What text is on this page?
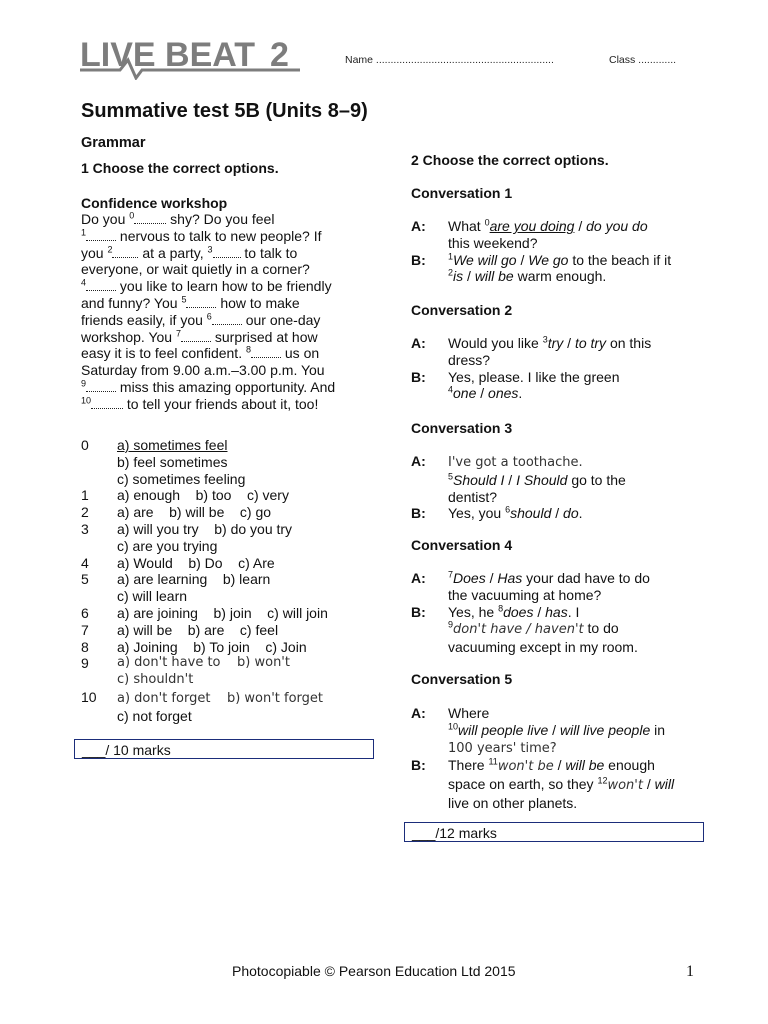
LIVE BEAT 2	Name .............................................................	Class .............
Summative test 5B (Units 8–9)
Grammar
1 Choose the correct options.
Confidence workshop
Do you $^0$ shy? Do you feel
$^1$ nervous to talk to new people? If
you $^2$ at a party, $^3$ to talk to
everyone, or wait quietly in a corner?
$^4$ you like to learn how to be friendly
and funny? You $^5$ how to make
friends easily, if you $^6$ our one-day
workshop. You $^7$ surprised at how
easy it is to feel confident. $^8$ us on
Saturday from 9.00 a.m.–3.00 p.m. You
$^9$ miss this amazing opportunity. And
$^{10}$ to tell your friends about it, too!
0	a) sometimes feel
b) feel sometimes
c) sometimes feeling
1	a) enough    b) too    c) very
2	a) are    b) will be    c) go
3	a) will you try    b) do you try
c) are you trying
4	a) Would    b) Do    c) Are
5	a) are learning    b) learn
c) will learn
6	a) are joining    b) join    c) will join
7	a) will be    b) are    c) feel
8	a) Joining    b) To join    c) Join
9	a) don't have to    b) won't
c) shouldn't
10	a) don't forget    b) won't forget
c) not forget
___/ 10 marks
2 Choose the correct options.
Conversation 1
A:	What $^0$are you doing / do you do
this weekend?
B:	$^1$We will go / We go to the beach if it
$^2$is / will be warm enough.
Conversation 2
A:	Would you like $^3$try / to try on this
dress?
B:	Yes, please. I like the green
$^4$one / ones.
Conversation 3
A:	I've got a toothache.
$^5$Should I / I Should go to the
dentist?
B:	Yes, you $^6$should / do.
Conversation 4
A:	$^7$Does / Has your dad have to do
the vacuuming at home?
B:	Yes, he $^8$does / has. I
$^9$don't have / haven't to do
vacuuming except in my room.
Conversation 5
A:	Where
$^{10}$will people live / will live people in
100 years' time?
B:	There $^{11}$won't be / will be enough
space on earth, so they $^{12}$won't / will
live on other planets.
___/12 marks
Photocopiable © Pearson Education Ltd 2015	1
